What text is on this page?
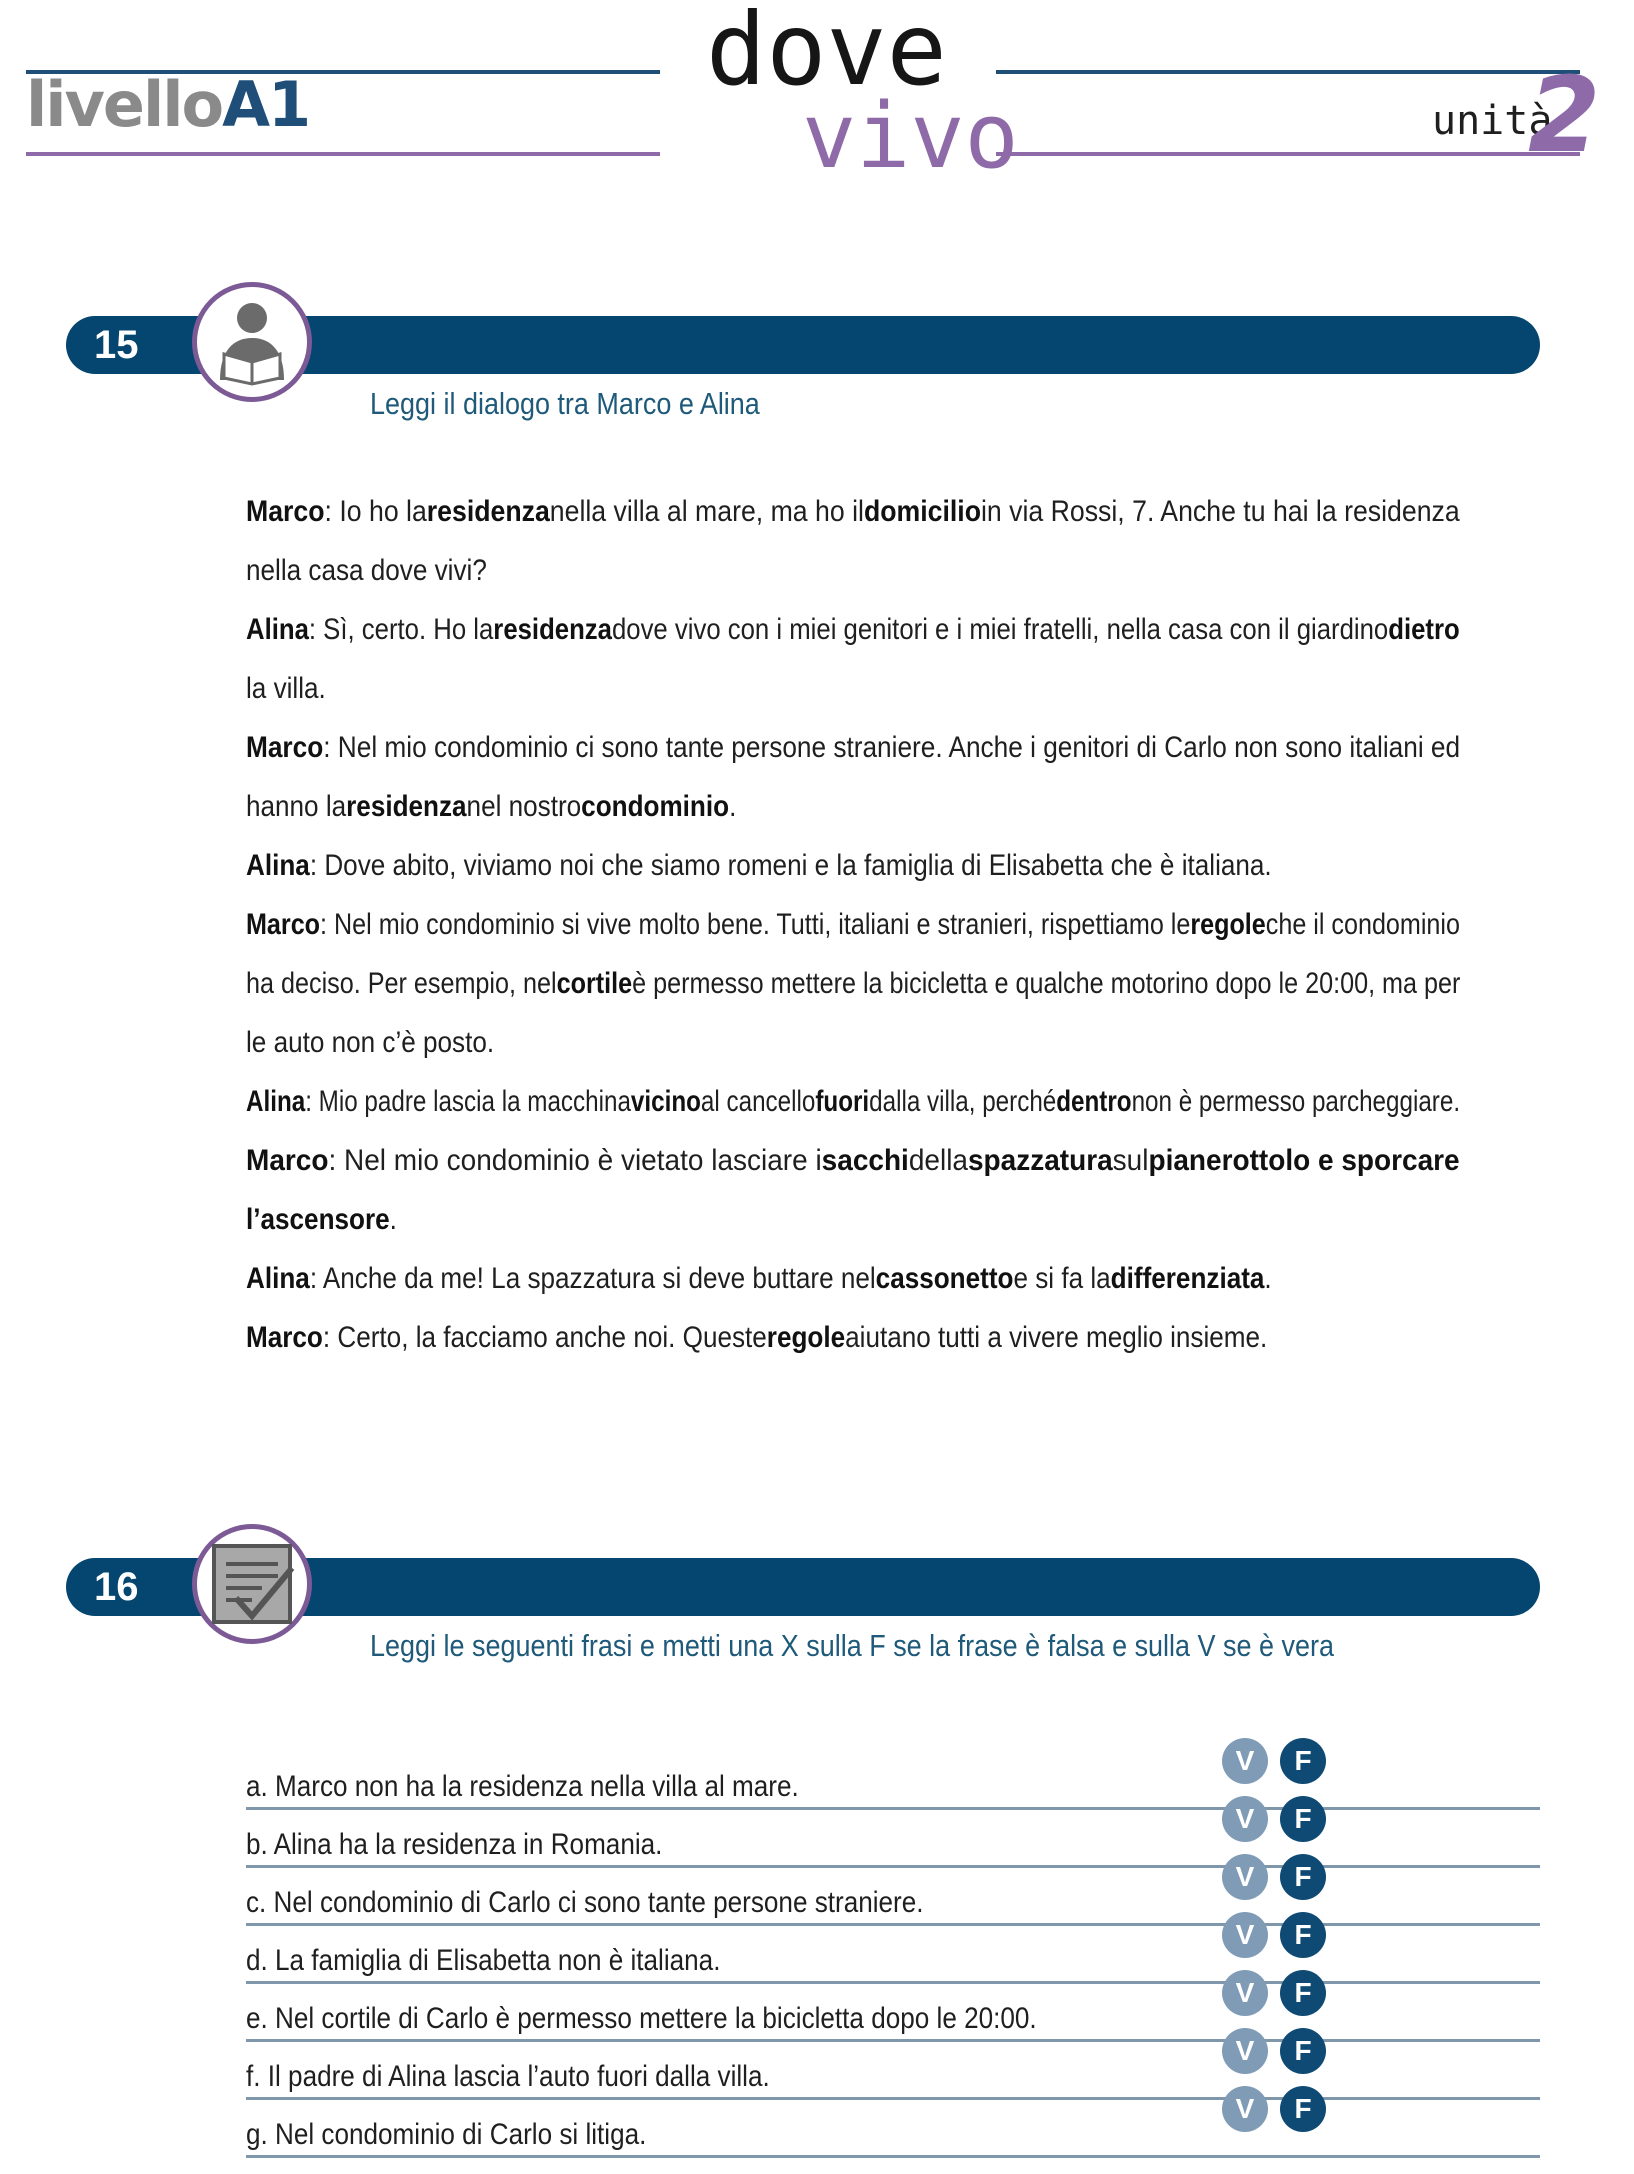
livelloA1	dove
vivo	unità
2
15
Leggi il dialogo tra Marco e Alina
Marco: Io ho laresidenzanella villa al mare, ma ho ildomicilioin via Rossi, 7. Anche tu hai la residenza
nella casa dove vivi?
Alina: Sì, certo. Ho laresidenzadove vivo con i miei genitori e i miei fratelli, nella casa con il giardinodietro
la villa.
Marco: Nel mio condominio ci sono tante persone straniere. Anche i genitori di Carlo non sono italiani ed
hanno laresidenzanel nostrocondominio.
Alina: Dove abito, viviamo noi che siamo romeni e la famiglia di Elisabetta che è italiana.
Marco: Nel mio condominio si vive molto bene. Tutti, italiani e stranieri, rispettiamo leregoleche il condominio
ha deciso. Per esempio, nelcortileè permesso mettere la bicicletta e qualche motorino dopo le 20:00, ma per
le auto non c’è posto.
Alina: Mio padre lascia la macchinavicinoal cancellofuoridalla villa, perchédentronon è permesso parcheggiare.
Marco: Nel mio condominio è vietato lasciare isacchidellaspazzaturasulpianerottolo e sporcare
l’ascensore.
Alina: Anche da me! La spazzatura si deve buttare nelcassonettoe si fa ladifferenziata.
Marco: Certo, la facciamo anche noi. Questeregoleaiutano tutti a vivere meglio insieme.
16
Leggi le seguenti frasi e metti una X sulla F se la frase è falsa e sulla V se è vera
a. Marco non ha la residenza nella villa al mare.
V	F
b. Alina ha la residenza in Romania.
V	F
c. Nel condominio di Carlo ci sono tante persone straniere.
V	F
d. La famiglia di Elisabetta non è italiana.
V	F
e. Nel cortile di Carlo è permesso mettere la bicicletta dopo le 20:00.
V	F
f. Il padre di Alina lascia l’auto fuori dalla villa.
V	F
g. Nel condominio di Carlo si litiga.
V	F
